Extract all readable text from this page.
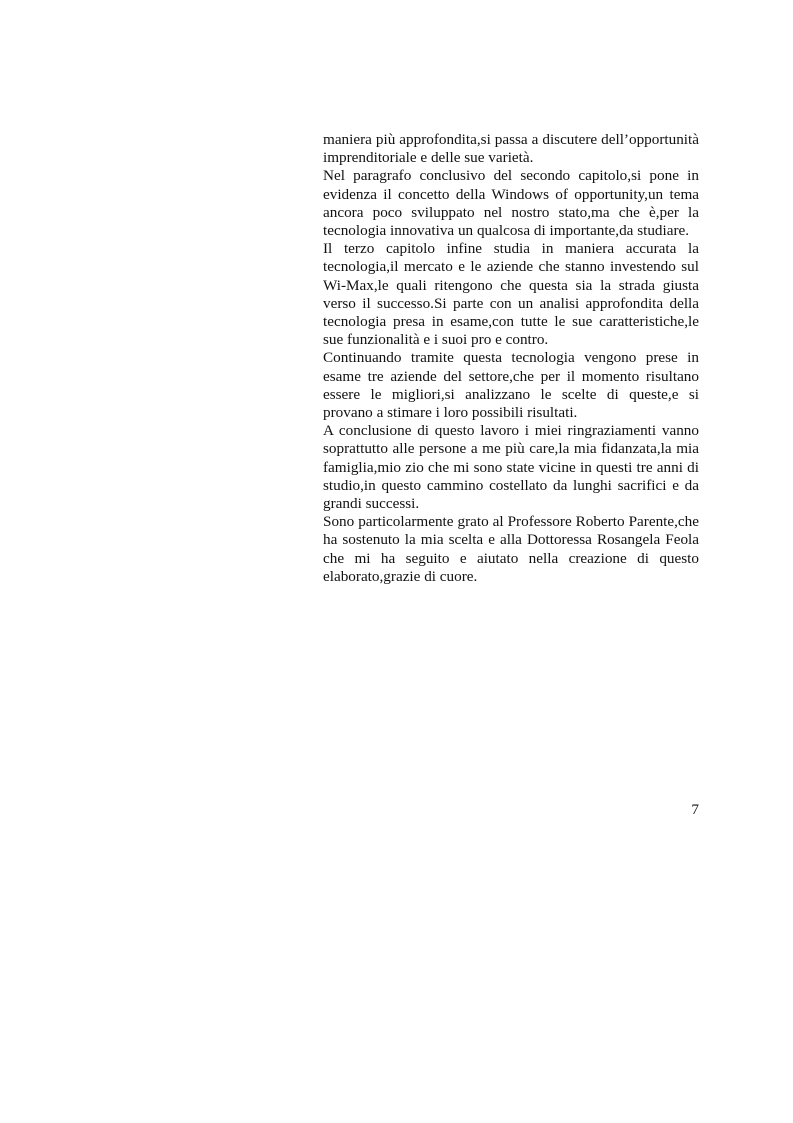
maniera più approfondita,si passa a discutere dell’opportunità imprenditoriale e delle sue varietà.

Nel paragrafo conclusivo del secondo capitolo,si pone in evidenza il concetto della Windows of opportunity,un tema ancora poco sviluppato nel nostro stato,ma che è,per la tecnologia innovativa un qualcosa di importante,da studiare.

Il terzo capitolo infine studia in maniera accurata la tecnologia,il mercato e le aziende che stanno investendo sul Wi-Max,le quali ritengono che questa sia la strada giusta verso il successo.Si parte con un analisi approfondita della tecnologia presa in esame,con tutte le sue caratteristiche,le sue funzionalità e i suoi pro e contro.

Continuando tramite questa tecnologia vengono prese in esame tre aziende del settore,che per il momento risultano essere le migliori,si analizzano le scelte di queste,e si provano a stimare i loro possibili risultati.

A conclusione di questo lavoro i miei ringraziamenti vanno soprattutto alle persone a me più care,la mia fidanzata,la mia famiglia,mio zio che mi sono state vicine in questi tre anni di studio,in questo cammino costellato da lunghi sacrifici e da grandi successi.

Sono particolarmente grato al Professore Roberto Parente,che ha sostenuto la mia scelta e alla Dottoressa Rosangela Feola che mi ha seguito e aiutato nella creazione di questo elaborato,grazie di cuore.

7
